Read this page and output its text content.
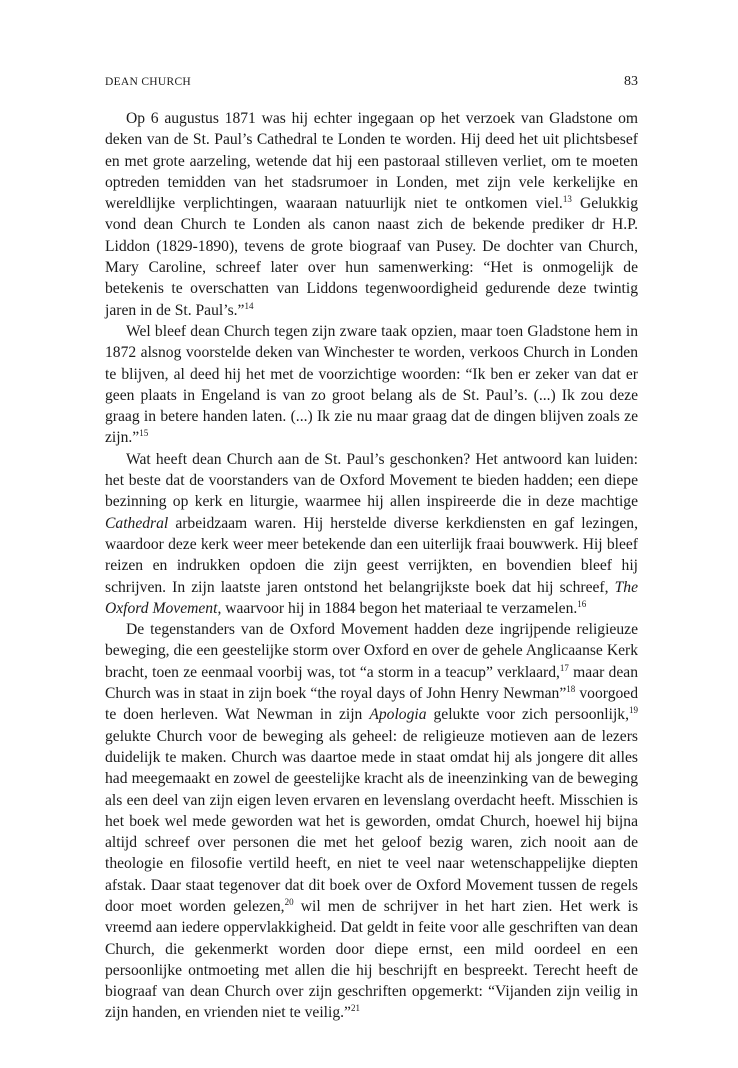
DEAN CHURCH	83

Op 6 augustus 1871 was hij echter ingegaan op het verzoek van Gladstone om deken van de St. Paul’s Cathedral te Londen te worden. Hij deed het uit plichtsbesef en met grote aarzeling, wetende dat hij een pastoraal stilleven verliet, om te moeten optreden temidden van het stadsrumoer in Londen, met zijn vele kerkelijke en wereldlijke verplichtingen, waaraan natuurlijk niet te ontkomen viel.$^{13}$ Gelukkig vond dean Church te Londen als canon naast zich de bekende prediker dr H.P. Liddon (1829-1890), tevens de grote biograaf van Pusey. De dochter van Church, Mary Caroline, schreef later over hun samenwerking: “Het is onmogelijk de betekenis te overschatten van Liddons tegenwoordigheid gedurende deze twintig jaren in de St. Paul’s.”$^{14}$

Wel bleef dean Church tegen zijn zware taak opzien, maar toen Gladstone hem in 1872 alsnog voorstelde deken van Winchester te worden, verkoos Church in Londen te blijven, al deed hij het met de voorzichtige woorden: “Ik ben er zeker van dat er geen plaats in Engeland is van zo groot belang als de St. Paul’s. (...) Ik zou deze graag in betere handen laten. (...) Ik zie nu maar graag dat de dingen blijven zoals ze zijn.”$^{15}$

Wat heeft dean Church aan de St. Paul’s geschonken? Het antwoord kan luiden: het beste dat de voorstanders van de Oxford Movement te bieden hadden; een diepe bezinning op kerk en liturgie, waarmee hij allen inspireerde die in deze machtige Cathedral arbeidzaam waren. Hij herstelde diverse kerkdiensten en gaf lezingen, waardoor deze kerk weer meer betekende dan een uiterlijk fraai bouwwerk. Hij bleef reizen en indrukken opdoen die zijn geest verrijkten, en bovendien bleef hij schrijven. In zijn laatste jaren ontstond het belangrijkste boek dat hij schreef, The Oxford Movement, waarvoor hij in 1884 begon het materiaal te verzamelen.$^{16}$

De tegenstanders van de Oxford Movement hadden deze ingrijpende religieuze beweging, die een geestelijke storm over Oxford en over de gehele Anglicaanse Kerk bracht, toen ze eenmaal voorbij was, tot “a storm in a teacup” verklaard,$^{17}$ maar dean Church was in staat in zijn boek “the royal days of John Henry Newman”$^{18}$ voorgoed te doen herleven. Wat Newman in zijn Apologia gelukte voor zich persoonlijk,$^{19}$ gelukte Church voor de beweging als geheel: de religieuze motieven aan de lezers duidelijk te maken. Church was daartoe mede in staat omdat hij als jongere dit alles had meegemaakt en zowel de geestelijke kracht als de ineenzinking van de beweging als een deel van zijn eigen leven ervaren en levenslang overdacht heeft. Misschien is het boek wel mede geworden wat het is geworden, omdat Church, hoewel hij bijna altijd schreef over personen die met het geloof bezig waren, zich nooit aan de theologie en filosofie vertild heeft, en niet te veel naar wetenschappelijke diepten afstak. Daar staat tegenover dat dit boek over de Oxford Movement tussen de regels door moet worden gelezen,$^{20}$ wil men de schrijver in het hart zien. Het werk is vreemd aan iedere oppervlakkigheid. Dat geldt in feite voor alle geschriften van dean Church, die gekenmerkt worden door diepe ernst, een mild oordeel en een persoonlijke ontmoeting met allen die hij beschrijft en bespreekt. Terecht heeft de biograaf van dean Church over zijn geschriften opgemerkt: “Vijanden zijn veilig in zijn handen, en vrienden niet te veilig.”$^{21}$
